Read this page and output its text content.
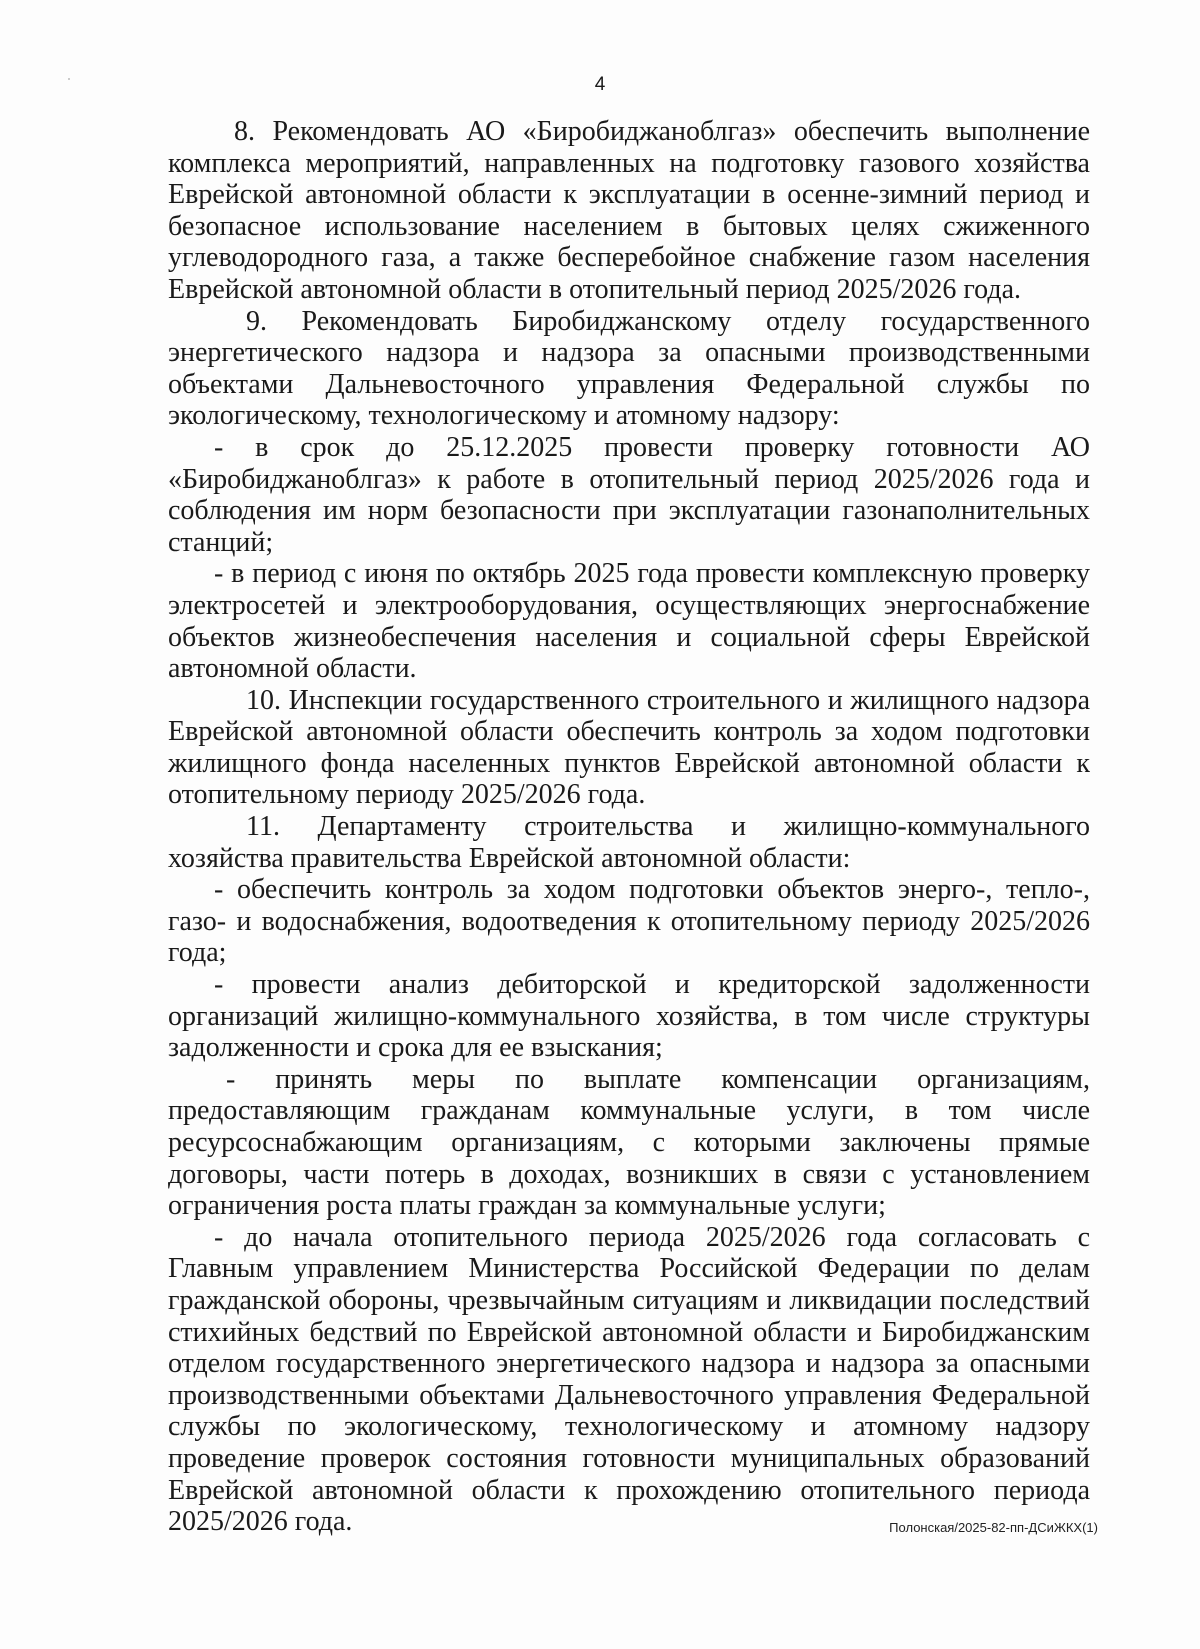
4

8. Рекомендовать АО «Биробиджаноблгаз» обеспечить выполнение комплекса мероприятий, направленных на подготовку газового хозяйства Еврейской автономной области к эксплуатации в осенне-зимний период и безопасное использование населением в бытовых целях сжиженного углеводородного газа, а также бесперебойное снабжение газом населения Еврейской автономной области в отопительный период 2025/2026 года.

9. Рекомендовать Биробиджанскому отделу государственного энергетического надзора и надзора за опасными производственными объектами Дальневосточного управления Федеральной службы по экологическому, технологическому и атомному надзору:

- в срок до 25.12.2025 провести проверку готовности АО «Биробиджаноблгаз» к работе в отопительный период 2025/2026 года и соблюдения им норм безопасности при эксплуатации газонаполнительных станций;

- в период с июня по октябрь 2025 года провести комплексную проверку электросетей и электрооборудования, осуществляющих энергоснабжение объектов жизнеобеспечения населения и социальной сферы Еврейской автономной области.

10. Инспекции государственного строительного и жилищного надзора Еврейской автономной области обеспечить контроль за ходом подготовки жилищного фонда населенных пунктов Еврейской автономной области к отопительному периоду 2025/2026 года.

11. Департаменту строительства и жилищно-коммунального хозяйства правительства Еврейской автономной области:

- обеспечить контроль за ходом подготовки объектов энерго-, тепло-, газо- и водоснабжения, водоотведения к отопительному периоду 2025/2026 года;

- провести анализ дебиторской и кредиторской задолженности организаций жилищно-коммунального хозяйства, в том числе структуры задолженности и срока для ее взыскания;

- принять меры по выплате компенсации организациям, предоставляющим гражданам коммунальные услуги, в том числе ресурсоснабжающим организациям, с которыми заключены прямые договоры, части потерь в доходах, возникших в связи с установлением ограничения роста платы граждан за коммунальные услуги;

- до начала отопительного периода 2025/2026 года согласовать с Главным управлением Министерства Российской Федерации по делам гражданской обороны, чрезвычайным ситуациям и ликвидации последствий стихийных бедствий по Еврейской автономной области и Биробиджанским отделом государственного энергетического надзора и надзора за опасными производственными объектами Дальневосточного управления Федеральной службы по экологическому, технологическому и атомному надзору проведение проверок состояния готовности муниципальных образований Еврейской автономной области к прохождению отопительного периода 2025/2026 года.	Полонская/2025-82-пп-ДСиЖКХ(1)
